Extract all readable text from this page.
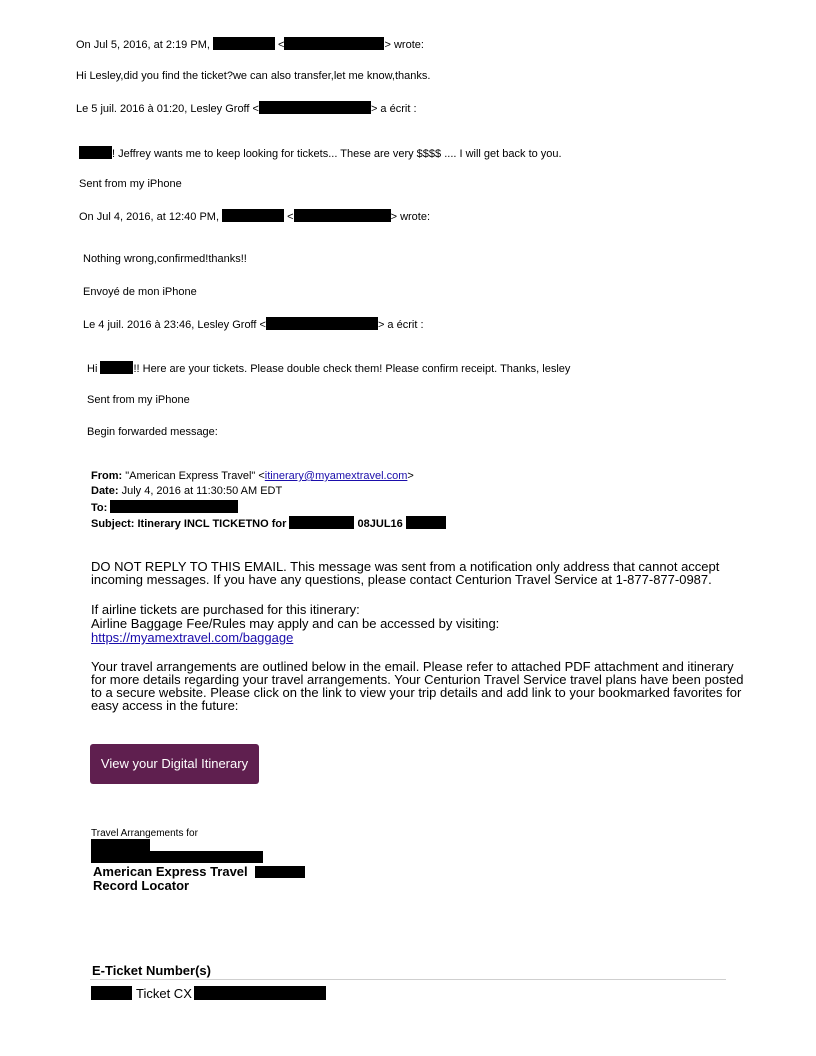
On Jul 5, 2016, at 2:19 PM,	<	> wrote:
Hi Lesley,did you find the ticket?we can also transfer,let me know,thanks.
Le 5 juil. 2016 à 01:20, Lesley Groff <	> a écrit :
! Jeffrey wants me to keep looking for tickets... These are very $$$$ .... I will get back to you.
Sent from my iPhone
On Jul 4, 2016, at 12:40 PM,	<	> wrote:
Nothing wrong,confirmed!thanks!!
Envoyé de mon iPhone
Le 4 juil. 2016 à 23:46, Lesley Groff <	> a écrit :
Hi	!! Here are your tickets. Please double check them! Please confirm receipt. Thanks, lesley
Sent from my iPhone
Begin forwarded message:
From: "American Express Travel" <itinerary@myamextravel.com>
Date: July 4, 2016 at 11:30:50 AM EDT
To:
Subject: Itinerary INCL TICKETNO for	08JUL16
DO NOT REPLY TO THIS EMAIL. This message was sent from a notification only address that cannot accept incoming messages. If you have any questions, please contact Centurion Travel Service at 1-877-877-0987.
If airline tickets are purchased for this itinerary:
Airline Baggage Fee/Rules may apply and can be accessed by visiting:
https://myamextravel.com/baggage
Your travel arrangements are outlined below in the email. Please refer to attached PDF attachment and itinerary for more details regarding your travel arrangements. Your Centurion Travel Service travel plans have been posted to a secure website. Please click on the link to view your trip details and add link to your bookmarked favorites for easy access in the future:
View your Digital Itinerary
Travel Arrangements for
American Express Travel
Record Locator
E-Ticket Number(s)
Ticket CX
